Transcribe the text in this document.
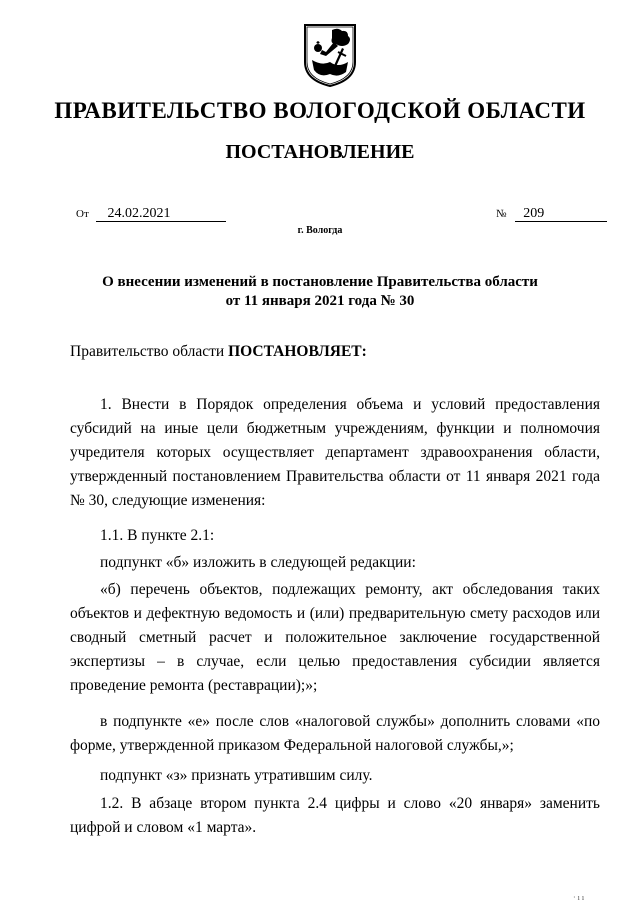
ПРАВИТЕЛЬСТВО ВОЛОГОДСКОЙ ОБЛАСТИ
ПОСТАНОВЛЕНИЕ
От 24.02.2021	№ 209
г. Вологда
О внесении изменений в постановление Правительства области
от 11 января 2021 года № 30
Правительство области ПОСТАНОВЛЯЕТ:

1. Внести в Порядок определения объема и условий предоставления субсидий на иные цели бюджетным учреждениям, функции и полномочия учредителя которых осуществляет департамент здравоохранения области, утвержденный постановлением Правительства области от 11 января 2021 года № 30, следующие изменения:

1.1. В пункте 2.1:

подпункт «б» изложить в следующей редакции:

«б) перечень объектов, подлежащих ремонту, акт обследования таких объектов и дефектную ведомость и (или) предварительную смету расходов или сводный сметный расчет и положительное заключение государственной экспертизы – в случае, если целью предоставления субсидии является проведение ремонта (реставрации);»;

в подпункте «е» после слов «налоговой службы» дополнить словами «по форме, утвержденной приказом Федеральной налоговой службы,»;

подпункт «з» признать утратившим силу.

1.2. В абзаце втором пункта 2.4 цифры и слово «20 января» заменить цифрой и словом «1 марта».

· ı ı
